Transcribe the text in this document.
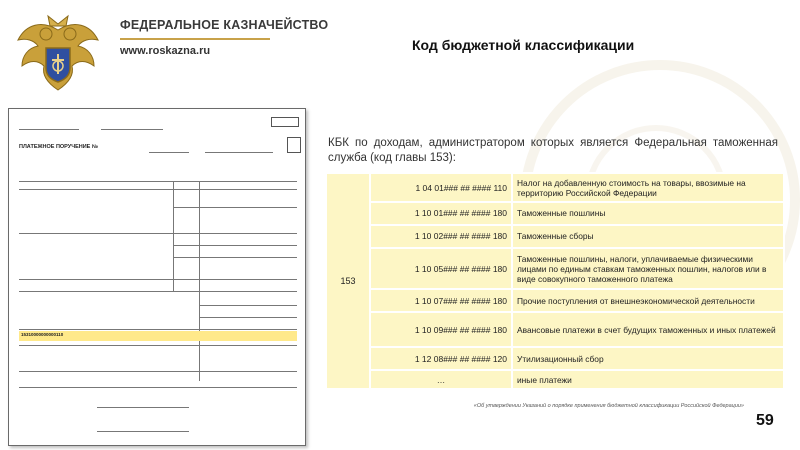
ФЕДЕРАЛЬНОЕ КАЗНАЧЕЙСТВО
www.roskazna.ru	Код бюджетной классификации
ПЛАТЕЖНОЕ ПОРУЧЕНИЕ №
15310000000000110

КБК по доходам, администратором которых является Федеральная таможенная служба (код главы 153):

153	1 04 01### ## #### 110	Налог на добавленную стоимость на товары, ввозимые на территорию Российской Федерации
	1 10 01### ## #### 180	Таможенные пошлины
	1 10 02### ## #### 180	Таможенные сборы
	1 10 05### ## #### 180	Таможенные пошлины, налоги, уплачиваемые физическими лицами по единым ставкам таможенных пошлин, налогов или в виде совокупного таможенного платежа
	1 10 07### ## #### 180	Прочие поступления от внешнеэкономической деятельности
	1 10 09### ## #### 180	Авансовые платежи в счет будущих таможенных и иных платежей
	1 12 08### ## #### 120	Утилизационный сбор
	…	иные платежи
«Об утверждении Указаний о порядке применения бюджетной классификации Российской Федерации»
59
